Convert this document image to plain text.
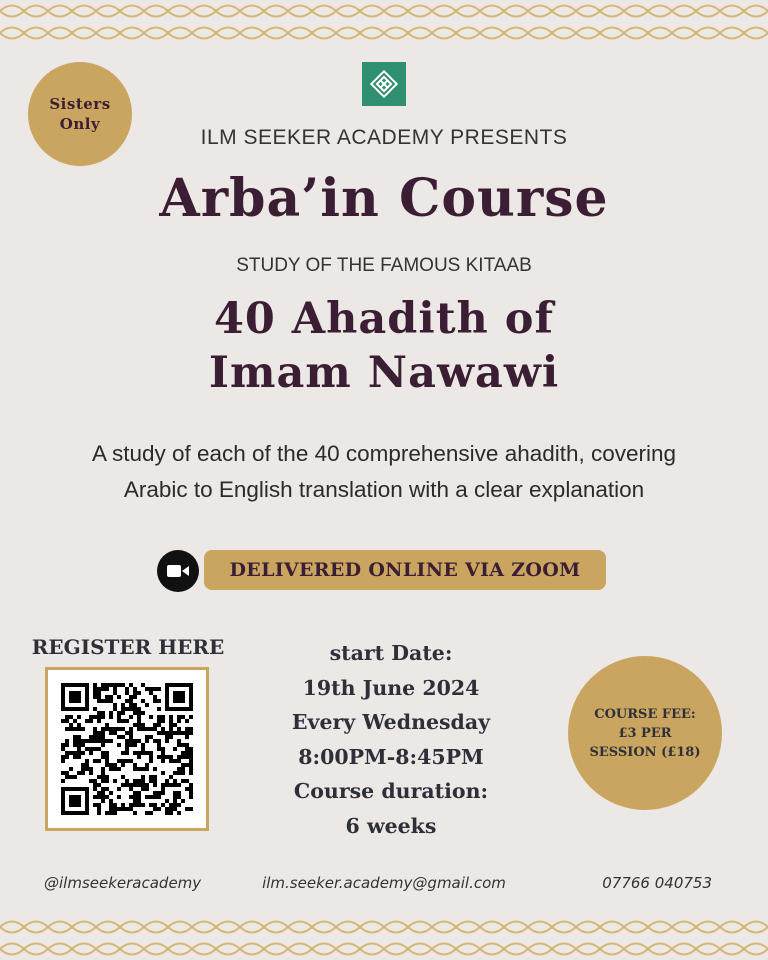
Sisters
Only
ILM SEEKER ACADEMY PRESENTS
Arba’in Course
STUDY OF THE FAMOUS KITAAB
40 Ahadith of
Imam Nawawi
A study of each of the 40 comprehensive ahadith, covering
Arabic to English translation with a clear explanation
DELIVERED ONLINE VIA ZOOM
REGISTER HERE	start Date:
19th June 2024
Every Wednesday
8:00PM-8:45PM
Course duration:
6 weeks
COURSE FEE:
£3 PER
SESSION (£18)
@ilmseekeracademy	ilm.seeker.academy@gmail.com	07766 040753
